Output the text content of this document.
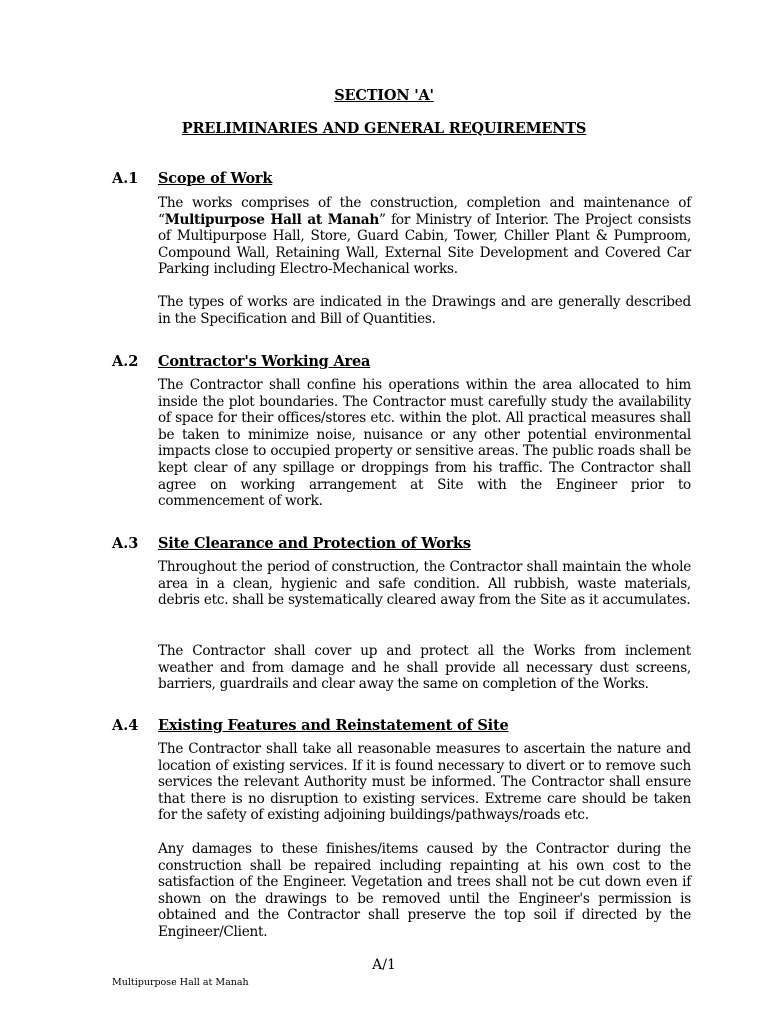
SECTION 'A'
PRELIMINARIES AND GENERAL REQUIREMENTS
A.1 Scope of Work
The works comprises of the construction, completion and maintenance of “Multipurpose Hall at Manah” for Ministry of Interior. The Project consists of Multipurpose Hall, Store, Guard Cabin, Tower, Chiller Plant & Pumproom, Compound Wall, Retaining Wall, External Site Development and Covered Car Parking including Electro-Mechanical works.
The types of works are indicated in the Drawings and are generally described in the Specification and Bill of Quantities.
A.2 Contractor's Working Area
The Contractor shall confine his operations within the area allocated to him inside the plot boundaries. The Contractor must carefully study the availability of space for their offices/stores etc. within the plot. All practical measures shall be taken to minimize noise, nuisance or any other potential environmental impacts close to occupied property or sensitive areas. The public roads shall be kept clear of any spillage or droppings from his traffic. The Contractor shall agree on working arrangement at Site with the Engineer prior to commencement of work.
A.3 Site Clearance and Protection of Works
Throughout the period of construction, the Contractor shall maintain the whole area in a clean, hygienic and safe condition. All rubbish, waste materials, debris etc. shall be systematically cleared away from the Site as it accumulates.
The Contractor shall cover up and protect all the Works from inclement weather and from damage and he shall provide all necessary dust screens, barriers, guardrails and clear away the same on completion of the Works.
A.4 Existing Features and Reinstatement of Site
The Contractor shall take all reasonable measures to ascertain the nature and location of existing services. If it is found necessary to divert or to remove such services the relevant Authority must be informed. The Contractor shall ensure that there is no disruption to existing services. Extreme care should be taken for the safety of existing adjoining buildings/pathways/roads etc.
Any damages to these finishes/items caused by the Contractor during the construction shall be repaired including repainting at his own cost to the satisfaction of the Engineer. Vegetation and trees shall not be cut down even if shown on the drawings to be removed until the Engineer's permission is obtained and the Contractor shall preserve the top soil if directed by the Engineer/Client.
A/1
Multipurpose Hall at Manah
